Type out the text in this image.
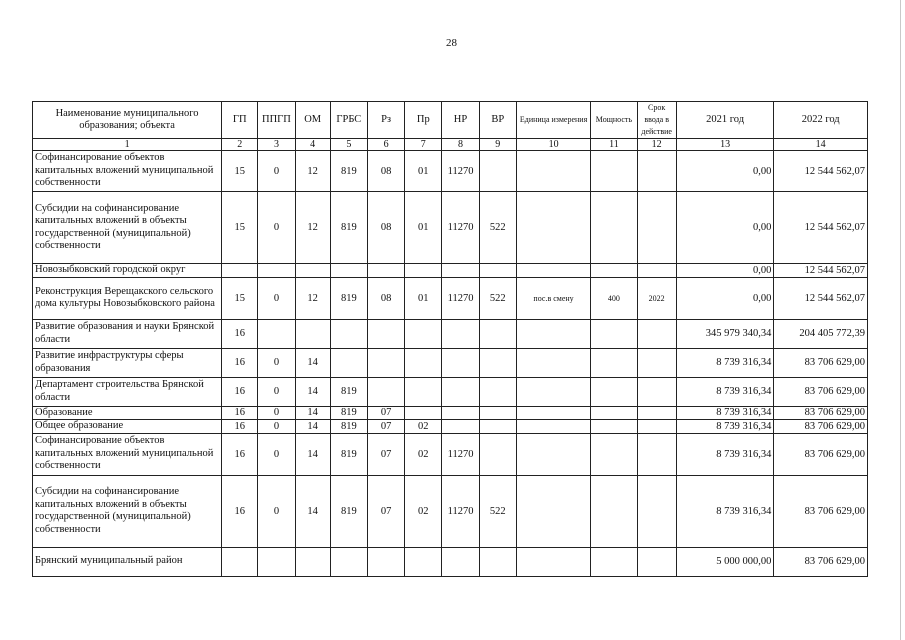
28
Наименование муниципального образования; объекта	ГП	ППГП	ОМ	ГРБС	Рз	Пр	НР	ВР	Единица измерения	Мощность	Срок ввода в действие	2021 год	2022 год
1	2	3	4	5	6	7	8	9	10	11	12	13	14
Софинансирование объектов капитальных вложений муниципальной собственности	15	0	12	819	08	01	11270					0,00	12 544 562,07
Субсидии на софинансирование капитальных вложений в объекты государственной (муниципальной) собственности	15	0	12	819	08	01	11270	522				0,00	12 544 562,07
Новозыбковский городской округ												0,00	12 544 562,07
Реконструкция Верещакского сельского дома культуры Новозыбковского района	15	0	12	819	08	01	11270	522	пос.в смену	400	2022	0,00	12 544 562,07
Развитие образования и науки Брянской области	16											345 979 340,34	204 405 772,39
Развитие инфраструктуры сферы образования	16	0	14									8 739 316,34	83 706 629,00
Департамент строительства Брянской области	16	0	14	819								8 739 316,34	83 706 629,00
Образование	16	0	14	819	07							8 739 316,34	83 706 629,00
Общее образование	16	0	14	819	07	02						8 739 316,34	83 706 629,00
Софинансирование объектов капитальных вложений муниципальной собственности	16	0	14	819	07	02	11270					8 739 316,34	83 706 629,00
Субсидии на софинансирование капитальных вложений в объекты государственной (муниципальной) собственности	16	0	14	819	07	02	11270	522				8 739 316,34	83 706 629,00
Брянский муниципальный район												5 000 000,00	83 706 629,00
